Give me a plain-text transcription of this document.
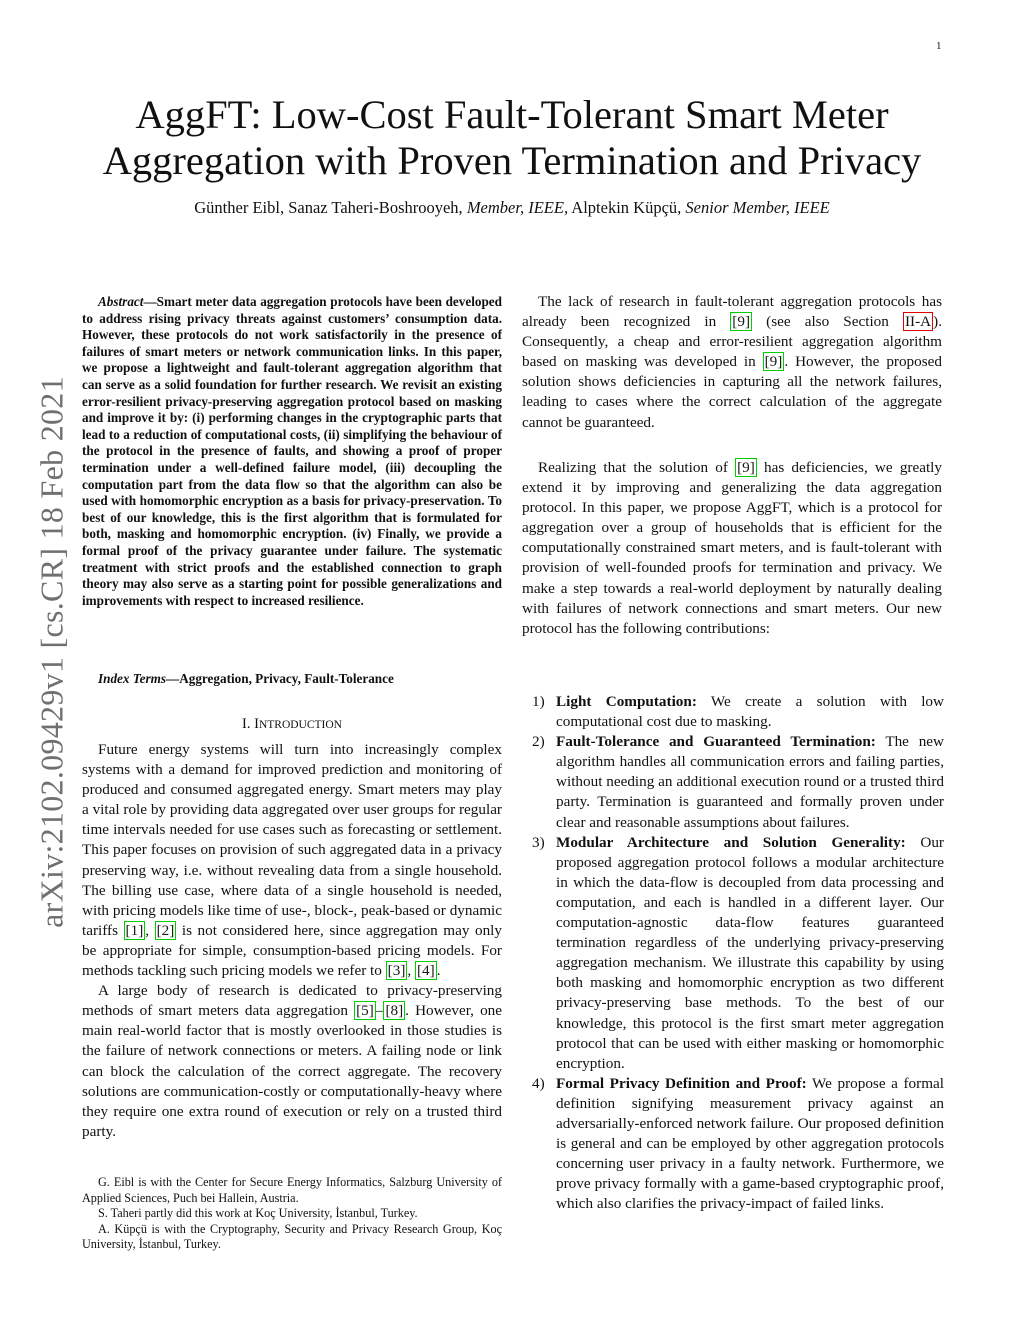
1
arXiv:2102.09429v1 [cs.CR] 18 Feb 2021
AggFT: Low-Cost Fault-Tolerant Smart Meter
Aggregation with Proven Termination and Privacy
Günther Eibl, Sanaz Taheri-Boshrooyeh, Member, IEEE, Alptekin Küpçü, Senior Member, IEEE
Abstract—Smart meter data aggregation protocols have been developed to address rising privacy threats against customers’ consumption data. However, these protocols do not work satisfactorily in the presence of failures of smart meters or network communication links. In this paper, we propose a lightweight and fault-tolerant aggregation algorithm that can serve as a solid foundation for further research. We revisit an existing error-resilient privacy-preserving aggregation protocol based on masking and improve it by: (i) performing changes in the cryptographic parts that lead to a reduction of computational costs, (ii) simplifying the behaviour of the protocol in the presence of faults, and showing a proof of proper termination under a well-defined failure model, (iii) decoupling the computation part from the data flow so that the algorithm can also be used with homomorphic encryption as a basis for privacy-preservation. To best of our knowledge, this is the first algorithm that is formulated for both, masking and homomorphic encryption. (iv) Finally, we provide a formal proof of the privacy guarantee under failure. The systematic treatment with strict proofs and the established connection to graph theory may also serve as a starting point for possible generalizations and improvements with respect to increased resilience.
Index Terms—Aggregation, Privacy, Fault-Tolerance
I. INTRODUCTION

Future energy systems will turn into increasingly complex systems with a demand for improved prediction and monitoring of produced and consumed aggregated energy. Smart meters may play a vital role by providing data aggregated over user groups for regular time intervals needed for use cases such as forecasting or settlement. This paper focuses on provision of such aggregated data in a privacy preserving way, i.e. without revealing data from a single household. The billing use case, where data of a single household is needed, with pricing models like time of use-, block-, peak-based or dynamic tariffs [1] , [2] is not considered here, since aggregation may only be appropriate for simple, consumption-based pricing models. For methods tackling such pricing models we refer to [3] , [4] .

A large body of research is dedicated to privacy-preserving methods of smart meters data aggregation [5] – [8] . However, one main real-world factor that is mostly overlooked in those studies is the failure of network connections or meters. A failing node or link can block the calculation of the correct aggregate. The recovery solutions are communication-costly or computationally-heavy where they require one extra round of execution or rely on a trusted third party.

G. Eibl is with the Center for Secure Energy Informatics, Salzburg University of Applied Sciences, Puch bei Hallein, Austria.

S. Taheri partly did this work at Koç University, İstanbul, Turkey.

A. Küpçü is with the Cryptography, Security and Privacy Research Group, Koç University, İstanbul, Turkey.

The lack of research in fault-tolerant aggregation protocols has already been recognized in [9] (see also Section II-A ). Consequently, a cheap and error-resilient aggregation algorithm based on masking was developed in [9] . However, the proposed solution shows deficiencies in capturing all the network failures, leading to cases where the correct calculation of the aggregate cannot be guaranteed.

Realizing that the solution of [9] has deficiencies, we greatly extend it by improving and generalizing the data aggregation protocol. In this paper, we propose AggFT, which is a protocol for aggregation over a group of households that is efficient for the computationally constrained smart meters, and is fault-tolerant with provision of well-founded proofs for termination and privacy. We make a step towards a real-world deployment by naturally dealing with failures of network connections and smart meters. Our new protocol has the following contributions:

1) Light Computation: We create a solution with low computational cost due to masking.
2) Fault-Tolerance and Guaranteed Termination: The new algorithm handles all communication errors and failing parties, without needing an additional execution round or a trusted third party. Termination is guaranteed and formally proven under clear and reasonable assumptions about failures.
3) Modular Architecture and Solution Generality: Our proposed aggregation protocol follows a modular architecture in which the data-flow is decoupled from data processing and computation, and each is handled in a different layer. Our computation-agnostic data-flow features guaranteed termination regardless of the underlying privacy-preserving aggregation mechanism. We illustrate this capability by using both masking and homomorphic encryption as two different privacy-preserving base methods. To the best of our knowledge, this protocol is the first smart meter aggregation protocol that can be used with either masking or homomorphic encryption.
4) Formal Privacy Definition and Proof: We propose a formal definition signifying measurement privacy against an adversarially-enforced network failure. Our proposed definition is general and can be employed by other aggregation protocols concerning user privacy in a faulty network. Furthermore, we prove privacy formally with a game-based cryptographic proof, which also clarifies the privacy-impact of failed links.
